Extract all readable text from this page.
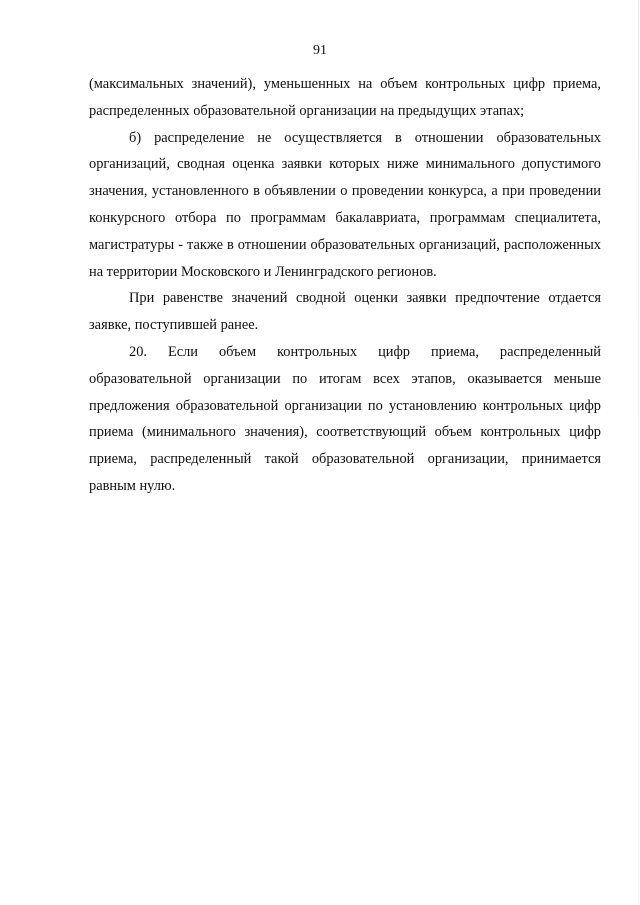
91

(максимальных значений), уменьшенных на объем контрольных цифр приема, распределенных образовательной организации на предыдущих этапах;

б) распределение не осуществляется в отношении образовательных организаций, сводная оценка заявки которых ниже минимального допустимого значения, установленного в объявлении о проведении конкурса, а при проведении конкурсного отбора по программам бакалавриата, программам специалитета, магистратуры - также в отношении образовательных организаций, расположенных на территории Московского и Ленинградского регионов.

При равенстве значений сводной оценки заявки предпочтение отдается заявке, поступившей ранее.

20. Если объем контрольных цифр приема, распределенный образовательной организации по итогам всех этапов, оказывается меньше предложения образовательной организации по установлению контрольных цифр приема (минимального значения), соответствующий объем контрольных цифр приема, распределенный такой образовательной организации, принимается равным нулю.
